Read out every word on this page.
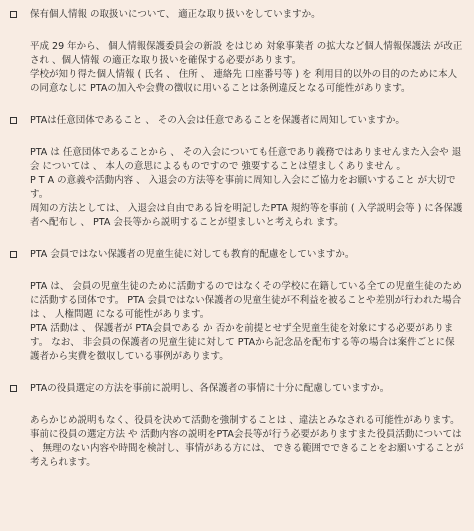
保有個人情報 の取扱いについて、 適正な取り扱いをしていますか。

平成 29 年から、 個人情報保護委員会の新設 をはじめ 対象事業者 の拡大など個人情報保護法 が改正され 、個人情報 の適正な取り扱いを確保する必要があります。

学校が知り得た個人情報 ( 氏名 、 住所 、 連絡先 口座番号等 ) を 利用目的以外の目的のために本人の同意なしに PTAの加入や会費の徴収に用いることは条例違反となる可能性があります。

PTAは任意団体であること 、 その入会は任意であることを保護者に周知していますか。

PTA は 任意団体であることから 、 その入会についても任意であり義務ではありませんまた入会や 退会 については 、 本人の意思によるものですので 強要することは望ましくありません 。

P T A の意義や活動内容 、 入退会の方法等を事前に周知し入会にご協力をお願いすること が大切です。

周知の方法としては、 入退会は自由である旨を明記したPTA 規約等を事前 ( 入学説明会等 ) に各保護者へ配布し 、 PTA 会長等から説明することが望ましいと考えられ ます。

PTA 会員ではない保護者の児童生徒に対しても教育的配慮をしていますか。

PTA は、 会員の児童生徒のために活動するのではなくその学校に在籍している全ての児童生徒のために活動する団体です。 PTA 会員ではない保護者の児童生徒が不利益を被ることや差別が行われた場合は 、 人権問題 になる可能性があります。

PTA 活動は 、 保護者が PTA会員である か 否かを前提とせず全児童生徒を対象にする必要があります。 なお、 非会員の保護者の児童生徒に対して PTAから記念品を配布する等の場合は案件ごとに保護者から実費を徴収している事例があります。

PTAの役員選定の方法を事前に説明し、各保護者の事情に十分に配慮していますか。

あらかじめ説明もなく、役員を決めて活動を強制することは 、違法とみなされる可能性があります。

事前に役員の選定方法 や 活動内容の説明をPTA会長等が行う必要がありますまた役員活動については 、 無理のない内容や時間を検討し、事情がある方には、 できる範囲でできることをお願いすることが考えられます。
